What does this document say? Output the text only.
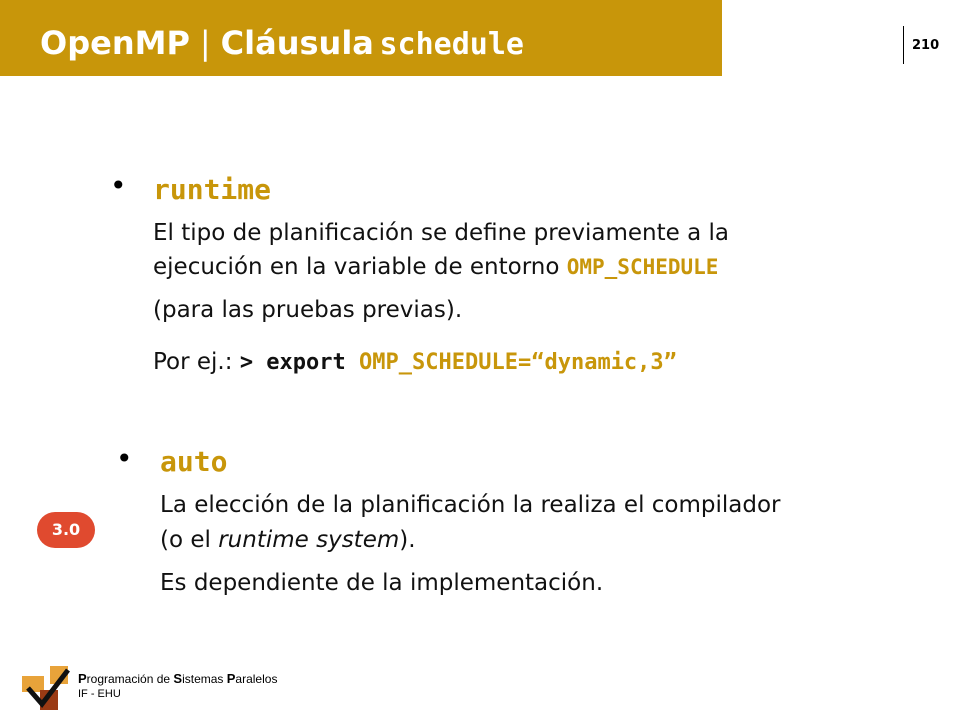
OpenMP | Cláusula schedule	210
• runtime
El tipo de planificación se define previamente a la
ejecución en la variable de entorno OMP_SCHEDULE
(para las pruebas previas).
Por ej.: > export OMP_SCHEDULE=“dynamic,3”
• auto
La elección de la planificación la realiza el compilador
(o el runtime system).
Es dependiente de la implementación.
3.0
Programación de Sistemas Paralelos
IF - EHU
